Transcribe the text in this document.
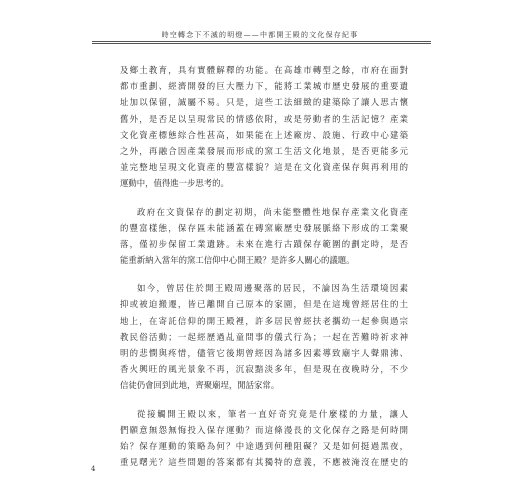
時空轉念下不滅的明燈——中都開王殿的文化保存紀事
及鄉土教育，具有實體解釋的功能。在高雄市轉型之餘，市府在面對
都市重劃、經濟開發的巨大壓力下，能將工業城市歷史發展的重要遺
址加以保留，誠屬不易。只是，這些工法細緻的建築除了讓人思古懷
舊外，是否足以呈現常民的情感依附，或是勞動者的生活記憶？產業
文化資產標態綜合性甚高，如果能在上述廠房、設施、行政中心建築
之外，再融合因產業發展而形成的窯工生活文化地景，是否更能多元
並完整地呈現文化資產的豐富樣貌？這是在文化資產保存與再利用的
運動中，值得進一步思考的。
政府在文資保存的劃定初期，尚未能整體性地保存產業文化資產
的豐富樣態，保存區未能涵蓋在磚窯廠歷史發展脈絡下形成的工業聚
落，僅初步保留工業遺跡。未來在進行古蹟保存範圍的劃定時，是否
能重新納入當年的窯工信仰中心開王殿？是許多人關心的議題。
如今，曾居住於開王殿周邊聚落的居民，不論因為生活環境因素
抑或被迫搬遷，皆已離開自己原本的家園，但是在這塊曾經居住的土
地上，在寄託信仰的開王殿裡，許多居民曾經扶老攜幼一起參與過宗
教民俗活動；一起經歷過乩童問事的儀式行為；一起在苦難時祈求神
明的悲憫與疼惜，儘管它後期曾經因為諸多因素導致廟宇人聲鼎沸、
香火興旺的風光景象不再，沉寂黯淡多年，但是現在夜晚時分，不少
信徒仍會回到此地，齊聚廟埕，閒話家常。
從接觸開王殿以來，筆者一直好奇究竟是什麼樣的力量，讓人
們願意無怨無悔投入保存運動？而這條漫長的文化保存之路是何時開
始？保存運動的策略為何？中途遇到何種阻礙？又是如何挺過黑夜，
重見曙光？這些問題的答案都有其獨特的意義，不應被淹沒在歷史的
4
